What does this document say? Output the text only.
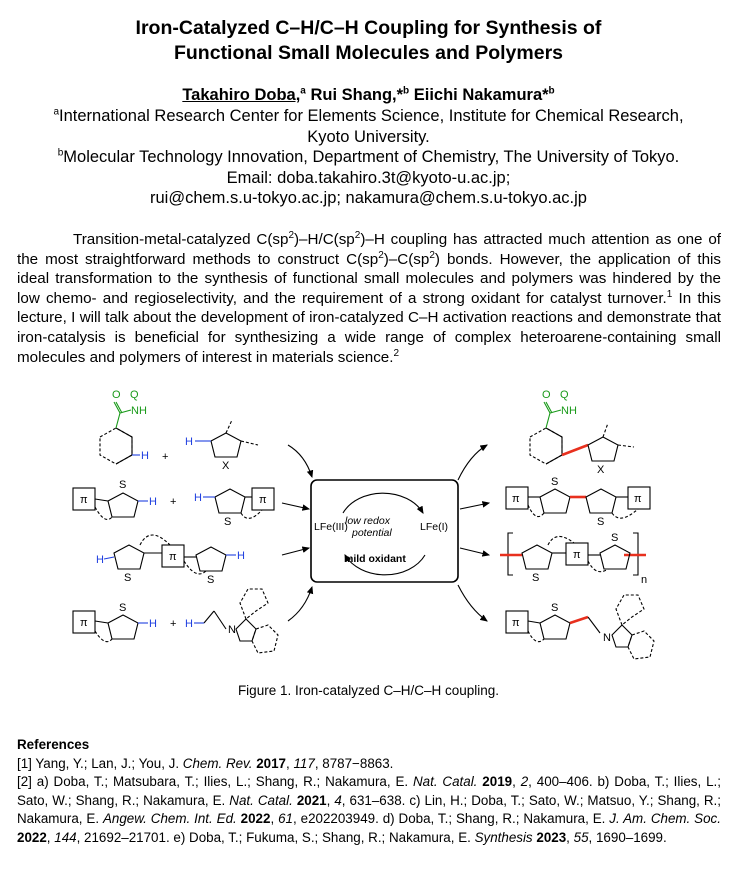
Iron-Catalyzed C–H/C–H Coupling for Synthesis of
Functional Small Molecules and Polymers
Takahiro Doba,$^a$ Rui Shang,*$^b$ Eiichi Nakamura*$^b$
$^a$International Research Center for Elements Science, Institute for Chemical Research,
Kyoto University.
$^b$Molecular Technology Innovation, Department of Chemistry, The University of Tokyo.
Email: doba.takahiro.3t@kyoto-u.ac.jp;
rui@chem.s.u-tokyo.ac.jp; nakamura@chem.s.u-tokyo.ac.jp
Transition-metal-catalyzed $C(sp^2)-H/C(sp^2)-H$ coupling has attracted much attention as one of the most straightforward methods to construct $C(sp^2)-C(sp^2)$ bonds. However, the application of this ideal transformation to the synthesis of functional small molecules and polymers was hindered by the low chemo- and regioselectivity, and the requirement of a strong oxidant for catalyst turnover.$^1$ In this lecture, I will talk about the development of iron-catalyzed C–H activation reactions and demonstrate that iron-catalysis is beneficial for synthesizing a wide range of complex heteroarene-containing small molecules and polymers of interest in materials science.$^2$
O Q
NH
H +
H
X
π
S
H + H
S
π
H
S
π
S
H
π
S
H + H	N
low redox
potential
LFe(III)	LFe(I)
mild oxidant
O Q
NH
X
π
S
S
π
S
π
S
n
π
S
N
Figure 1. Iron-catalyzed C–H/C–H coupling.
References

[1] Yang, Y.; Lan, J.; You, J. Chem. Rev. 2017, 117, 8787−8863.

[2] a) Doba, T.; Matsubara, T.; Ilies, L.; Shang, R.; Nakamura, E. Nat. Catal. 2019, 2, 400–406. b) Doba, T.; Ilies, L.; Sato, W.; Shang, R.; Nakamura, E. Nat. Catal. 2021, 4, 631–638. c) Lin, H.; Doba, T.; Sato, W.; Matsuo, Y.; Shang, R.; Nakamura, E. Angew. Chem. Int. Ed. 2022, 61, e202203949. d) Doba, T.; Shang, R.; Nakamura, E. J. Am. Chem. Soc. 2022, 144, 21692–21701. e) Doba, T.; Fukuma, S.; Shang, R.; Nakamura, E. Synthesis 2023, 55, 1690–1699.
